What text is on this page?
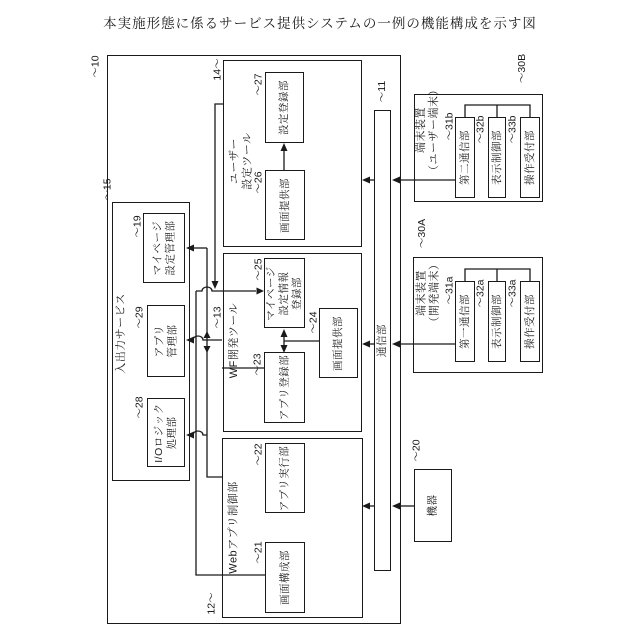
本実施形態に係るサービス提供システムの一例の機能構成を示す図
通信部
機器
マイページ
設定管理部
アプリ
管理部
I/Oロジック
処理部
設定登録部
画面提供部
マイページ
設定情報
登録部
画面提供部
アプリ登録部
アプリ実行部
画面構成部
第二通信部 表示制御部 操作受付部
第一通信部 表示制御部 操作受付部
入出力サービス
ユーザー
設定ツール
WF開発ツール
Webアプリ制御部
端末装置
（ユーザー端末）
端末装置
（開発端末）
〜10
〜11
〜15
14〜
〜13
12〜
〜27
〜26
〜19
〜25
〜24
〜23
〜29
〜28
〜22
〜21
〜20
〜30B
〜30A
〜31b 〜32b 〜33b
〜31a 〜32a 〜33a
